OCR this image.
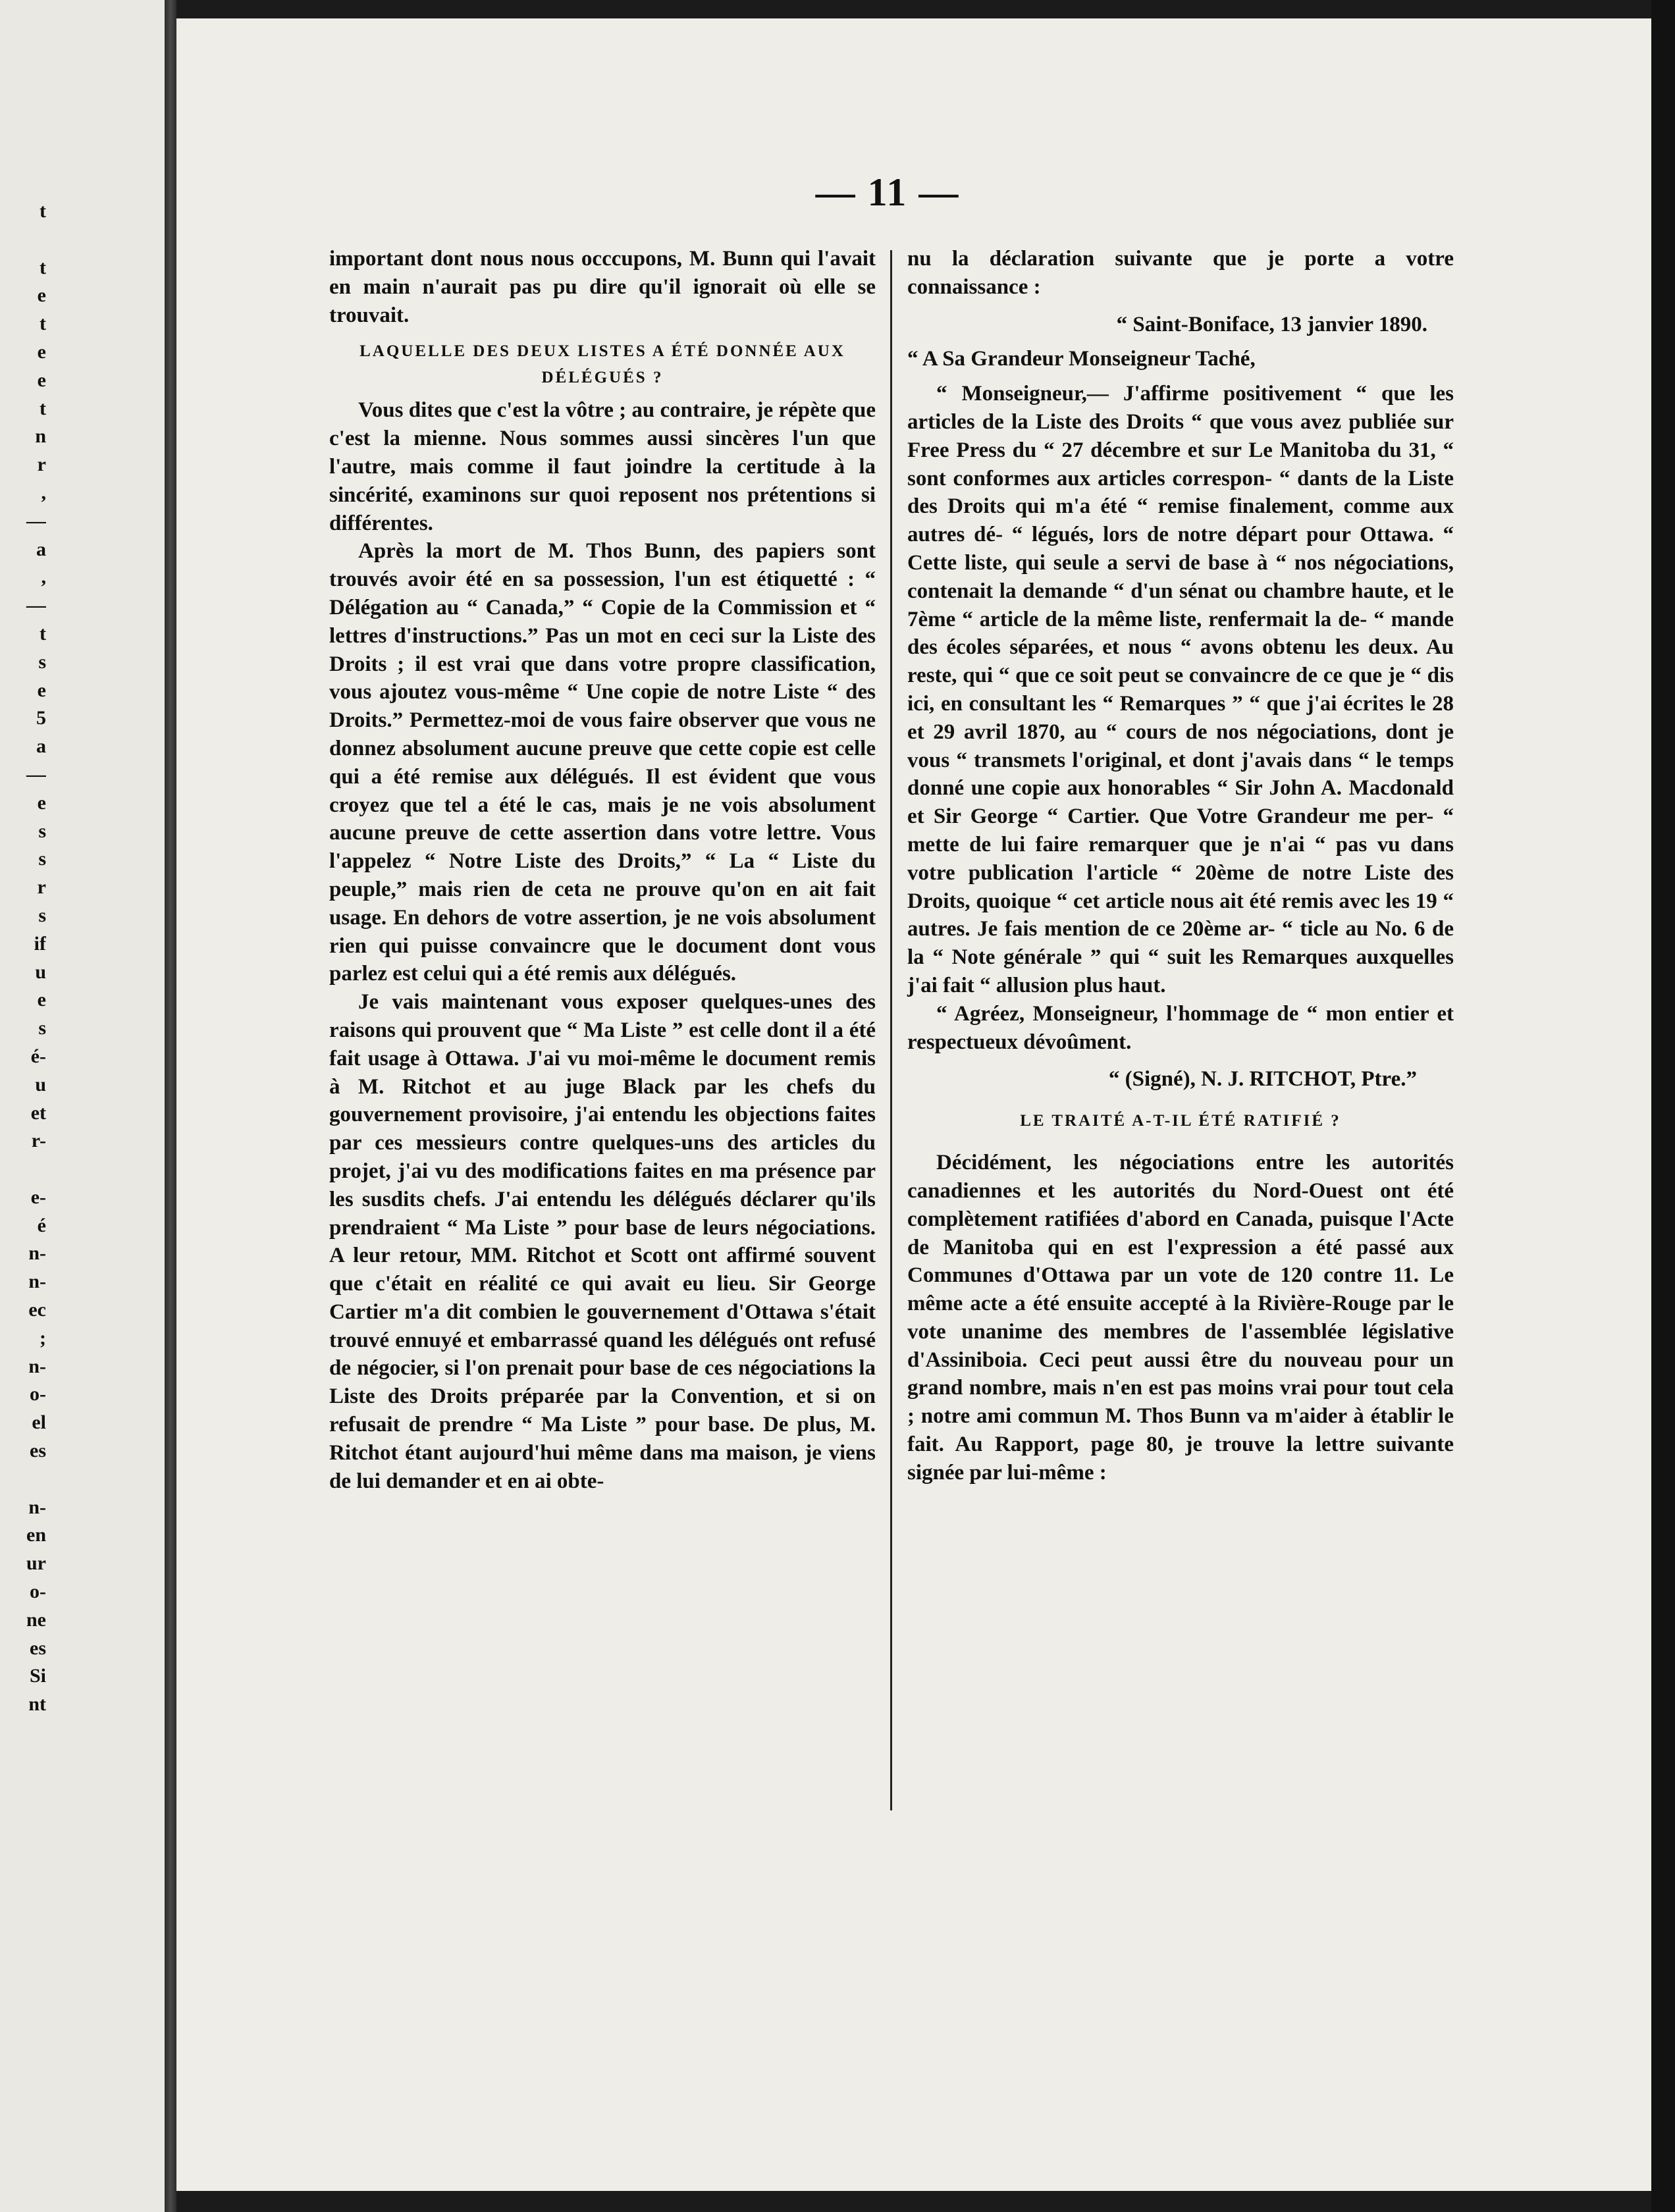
t
t
e
t
e
e
t
n
r
,
—
a
,
—
t
s
e
5
a
—
e
s
s
r
s
if
u
e
s
é-
u
et
r-
e-
é
n-
n-
ec
;
n-
o-
el
es
n-
en
ur
o-
ne
es
Si
nt
— 11 —

important dont nous nous occcupons, M. Bunn qui l'avait en main n'aurait pas pu dire qu'il ignorait où elle se trouvait.

LAQUELLE DES DEUX LISTES A ÉTÉ DONNÉE AUX DÉLÉGUÉS ?

Vous dites que c'est la vôtre ; au contraire, je répète que c'est la mienne. Nous sommes aussi sincères l'un que l'autre, mais comme il faut joindre la certitude à la sincérité, examinons sur quoi reposent nos prétentions si différentes.

Après la mort de M. Thos Bunn, des papiers sont trouvés avoir été en sa possession, l'un est étiquetté : “ Délégation au “ Canada,” “ Copie de la Commission et “ lettres d'instructions.” Pas un mot en ceci sur la Liste des Droits ; il est vrai que dans votre propre classification, vous ajoutez vous-même “ Une copie de notre Liste “ des Droits.” Permettez-moi de vous faire observer que vous ne donnez absolument aucune preuve que cette copie est celle qui a été remise aux délégués. Il est évident que vous croyez que tel a été le cas, mais je ne vois absolument aucune preuve de cette assertion dans votre lettre. Vous l'appelez “ Notre Liste des Droits,” “ La “ Liste du peuple,” mais rien de ceta ne prouve qu'on en ait fait usage. En dehors de votre assertion, je ne vois absolument rien qui puisse convaincre que le document dont vous parlez est celui qui a été remis aux délégués.

Je vais maintenant vous exposer quelques-unes des raisons qui prouvent que “ Ma Liste ” est celle dont il a été fait usage à Ottawa. J'ai vu moi-même le document remis à M. Ritchot et au juge Black par les chefs du gouvernement provisoire, j'ai entendu les objections faites par ces messieurs contre quelques-uns des articles du projet, j'ai vu des modifications faites en ma présence par les susdits chefs. J'ai entendu les délégués déclarer qu'ils prendraient “ Ma Liste ” pour base de leurs négociations. A leur retour, MM. Ritchot et Scott ont affirmé souvent que c'était en réalité ce qui avait eu lieu. Sir George Cartier m'a dit combien le gouvernement d'Ottawa s'était trouvé ennuyé et embarrassé quand les délégués ont refusé de négocier, si l'on prenait pour base de ces négociations la Liste des Droits préparée par la Convention, et si on refusait de prendre “ Ma Liste ” pour base. De plus, M. Ritchot étant aujourd'hui même dans ma maison, je viens de lui demander et en ai obte-

nu la déclaration suivante que je porte a votre connaissance :

“ Saint-Boniface, 13 janvier 1890.

“ A Sa Grandeur Monseigneur Taché,

“ Monseigneur,— J'affirme positivement “ que les articles de la Liste des Droits “ que vous avez publiée sur Free Press du “ 27 décembre et sur Le Manitoba du 31, “ sont conformes aux articles correspon- “ dants de la Liste des Droits qui m'a été “ remise finalement, comme aux autres dé- “ légués, lors de notre départ pour Ottawa. “ Cette liste, qui seule a servi de base à “ nos négociations, contenait la demande “ d'un sénat ou chambre haute, et le 7ème “ article de la même liste, renfermait la de- “ mande des écoles séparées, et nous “ avons obtenu les deux. Au reste, qui “ que ce soit peut se convaincre de ce que je “ dis ici, en consultant les “ Remarques ” “ que j'ai écrites le 28 et 29 avril 1870, au “ cours de nos négociations, dont je vous “ transmets l'original, et dont j'avais dans “ le temps donné une copie aux honorables “ Sir John A. Macdonald et Sir George “ Cartier. Que Votre Grandeur me per- “ mette de lui faire remarquer que je n'ai “ pas vu dans votre publication l'article “ 20ème de notre Liste des Droits, quoique “ cet article nous ait été remis avec les 19 “ autres. Je fais mention de ce 20ème ar- “ ticle au No. 6 de la “ Note générale ” qui “ suit les Remarques auxquelles j'ai fait “ allusion plus haut.

“ Agréez, Monseigneur, l'hommage de “ mon entier et respectueux dévoûment.

“ (Signé), N. J. RITCHOT, Ptre.”

LE TRAITÉ A-T-IL ÉTÉ RATIFIÉ ?

Décidément, les négociations entre les autorités canadiennes et les autorités du Nord-Ouest ont été complètement ratifiées d'abord en Canada, puisque l'Acte de Manitoba qui en est l'expression a été passé aux Communes d'Ottawa par un vote de 120 contre 11. Le même acte a été ensuite accepté à la Rivière-Rouge par le vote unanime des membres de l'assemblée législative d'Assiniboia. Ceci peut aussi être du nouveau pour un grand nombre, mais n'en est pas moins vrai pour tout cela ; notre ami commun M. Thos Bunn va m'aider à établir le fait. Au Rapport, page 80, je trouve la lettre suivante signée par lui-même :
